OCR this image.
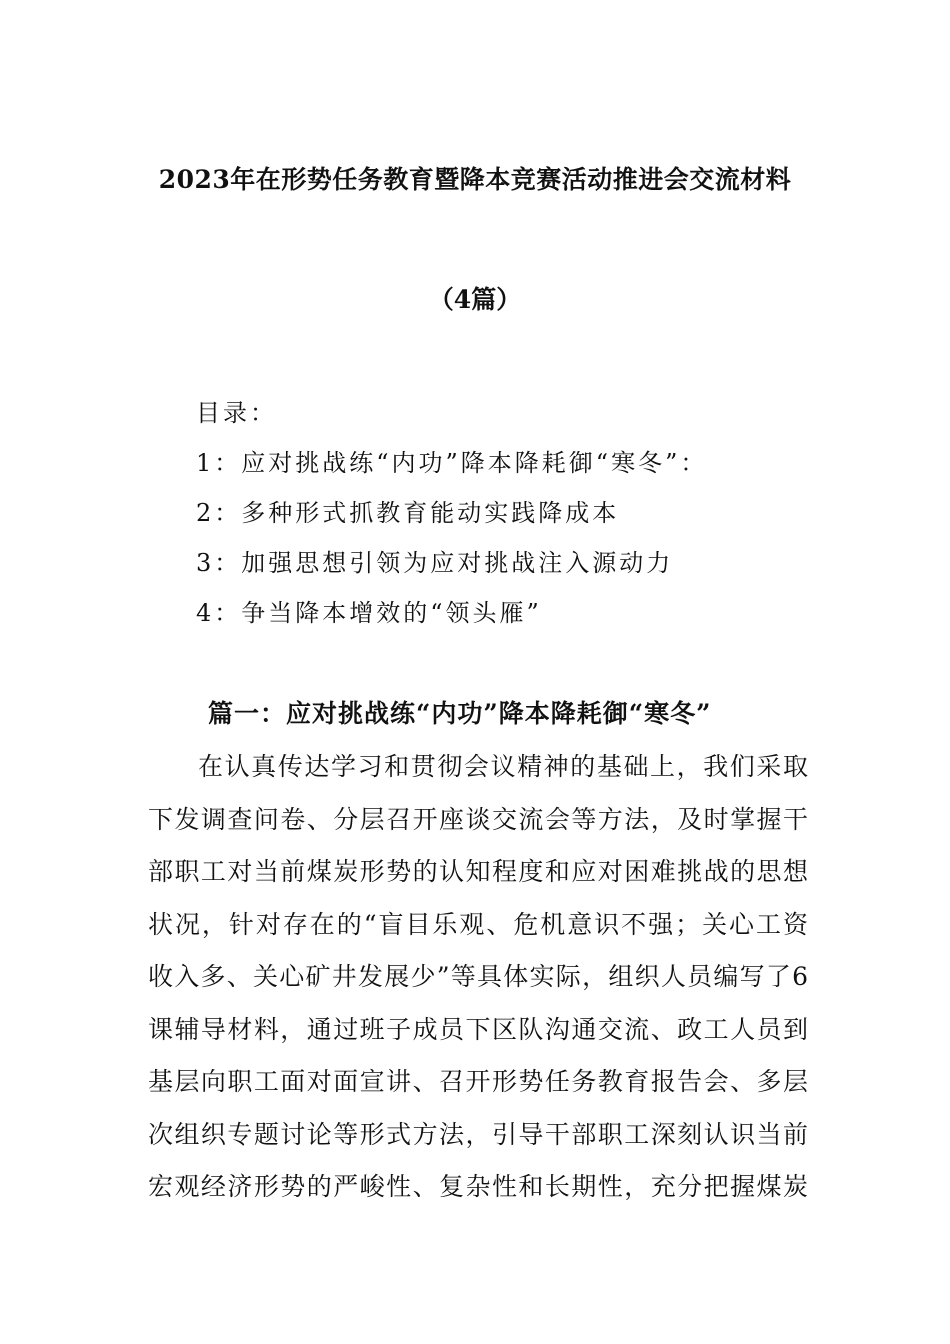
2023年在形势任务教育暨降本竞赛活动推进会交流材料
（4篇）
目录：
1：应对挑战练“内功”降本降耗御“寒冬”：
2：多种形式抓教育能动实践降成本
3：加强思想引领为应对挑战注入源动力
4：争当降本增效的“领头雁”
篇一：应对挑战练“内功”降本降耗御“寒冬”
在认真传达学习和贯彻会议精神的基础上，我们采取
下发调查问卷、分层召开座谈交流会等方法，及时掌握干
部职工对当前煤炭形势的认知程度和应对困难挑战的思想
状况，针对存在的“盲目乐观、危机意识不强；关心工资
收入多、关心矿井发展少”等具体实际，组织人员编写了6
课辅导材料，通过班子成员下区队沟通交流、政工人员到
基层向职工面对面宣讲、召开形势任务教育报告会、多层
次组织专题讨论等形式方法，引导干部职工深刻认识当前
宏观经济形势的严峻性、复杂性和长期性，充分把握煤炭
